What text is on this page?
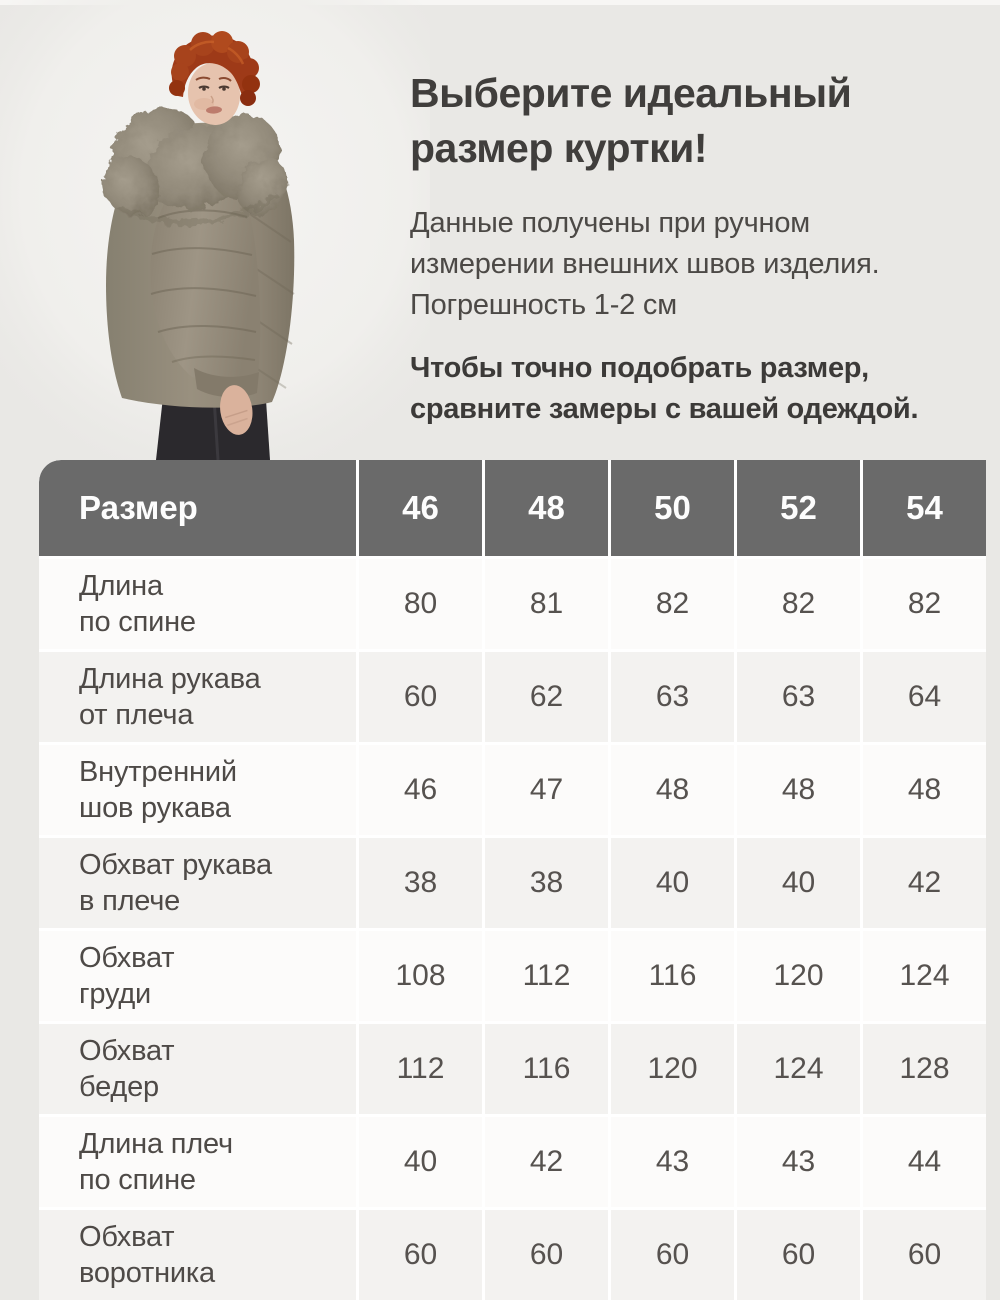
Выберите идеальный
размер куртки!

Данные получены при ручном измерении внешних швов изделия. Погрешность 1-2 см

Чтобы точно подобрать размер, сравните замеры с вашей одеждой.

Размер	46	48	50	52	54
Длина
по спине
80	81	82	82	82
Длина рукава
от плеча
60	62	63	63	64
Внутренний
шов рукава
46	47	48	48	48
Обхват рукава
в плече
38	38	40	40	42
Обхват
груди
108	112	116	120	124
Обхват
бедер
112	116	120	124	128
Длина плеч
по спине
40	42	43	43	44
Обхват
воротника
60	60	60	60	60
